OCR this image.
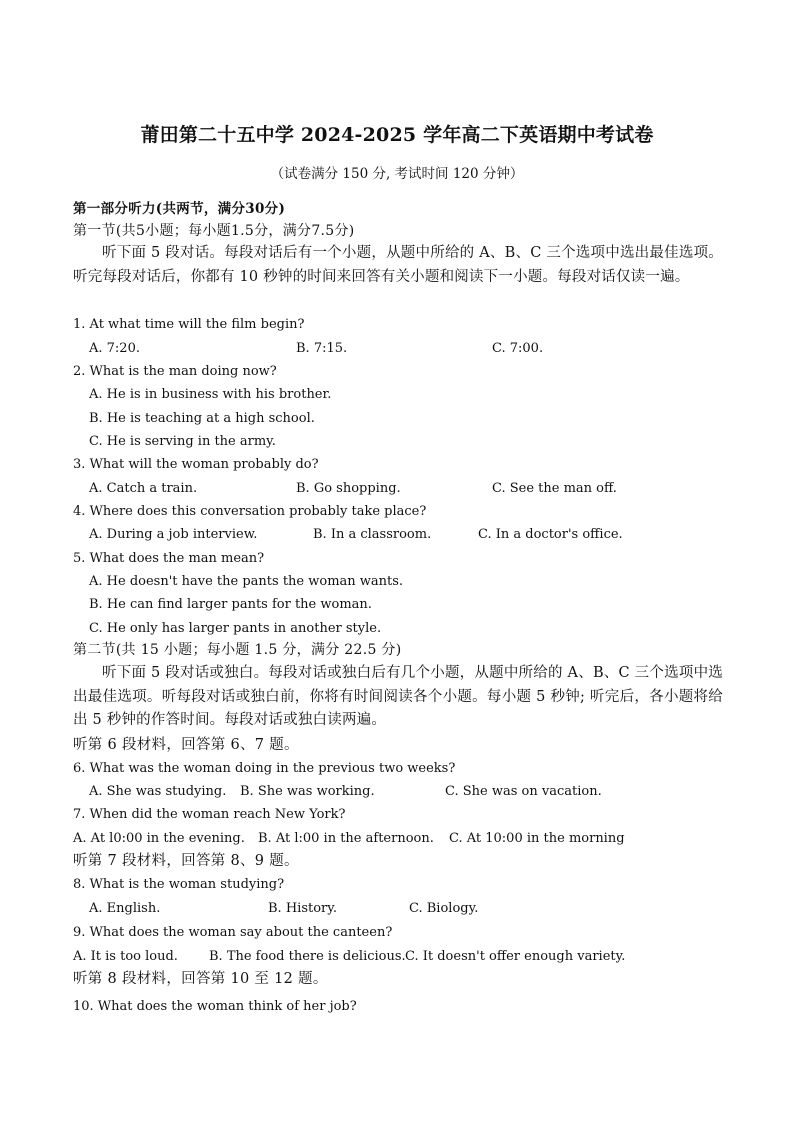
莆田第二十五中学 2024-2025 学年高二下英语期中考试卷
（试卷满分 150 分, 考试时间 120 分钟）
第一部分听力(共两节，满分30分)
第一节(共5小题；每小题1.5分，满分7.5分)
听下面 5 段对话。每段对话后有一个小题，从题中所给的 A、B、C 三个选项中选出最佳选项。听完每段对话后，你都有 10 秒钟的时间来回答有关小题和阅读下一小题。每段对话仅读一遍。
1. At what time will the film begin?
A. 7:20.	B. 7:15.	C. 7:00.
2. What is the man doing now?
A. He is in business with his brother.
B. He is teaching at a high school.
C. He is serving in the army.
3. What will the woman probably do?
A. Catch a train.	B. Go shopping.	C. See the man off.
4. Where does this conversation probably take place?
A. During a job interview.	B. In a classroom.	C. In a doctor's office.
5. What does the man mean?
A. He doesn't have the pants the woman wants.
B. He can find larger pants for the woman.
C. He only has larger pants in another style.
第二节(共 15 小题；每小题 1.5 分，满分 22.5 分)
听下面 5 段对话或独白。每段对话或独白后有几个小题，从题中所给的 A、B、C 三个选项中选出最佳选项。听每段对话或独白前，你将有时间阅读各个小题。每小题 5 秒钟; 听完后，各小题将给出 5 秒钟的作答时间。每段对话或独白读两遍。
听第 6 段材料，回答第 6、7 题。
6. What was the woman doing in the previous two weeks?
A. She was studying. B. She was working.	C. She was on vacation.
7. When did the woman reach New York?
A. At l0:00 in the evening. B. At l:00 in the afternoon. C. At 10:00 in the morning
听第 7 段材料，回答第 8、9 题。
8. What is the woman studying?
A. English.	B. History.	C. Biology.
9. What does the woman say about the canteen?
A. It is too loud. B. The food there is delicious. C. It doesn't offer enough variety.
听第 8 段材料，回答第 10 至 12 题。
10. What does the woman think of her job?
